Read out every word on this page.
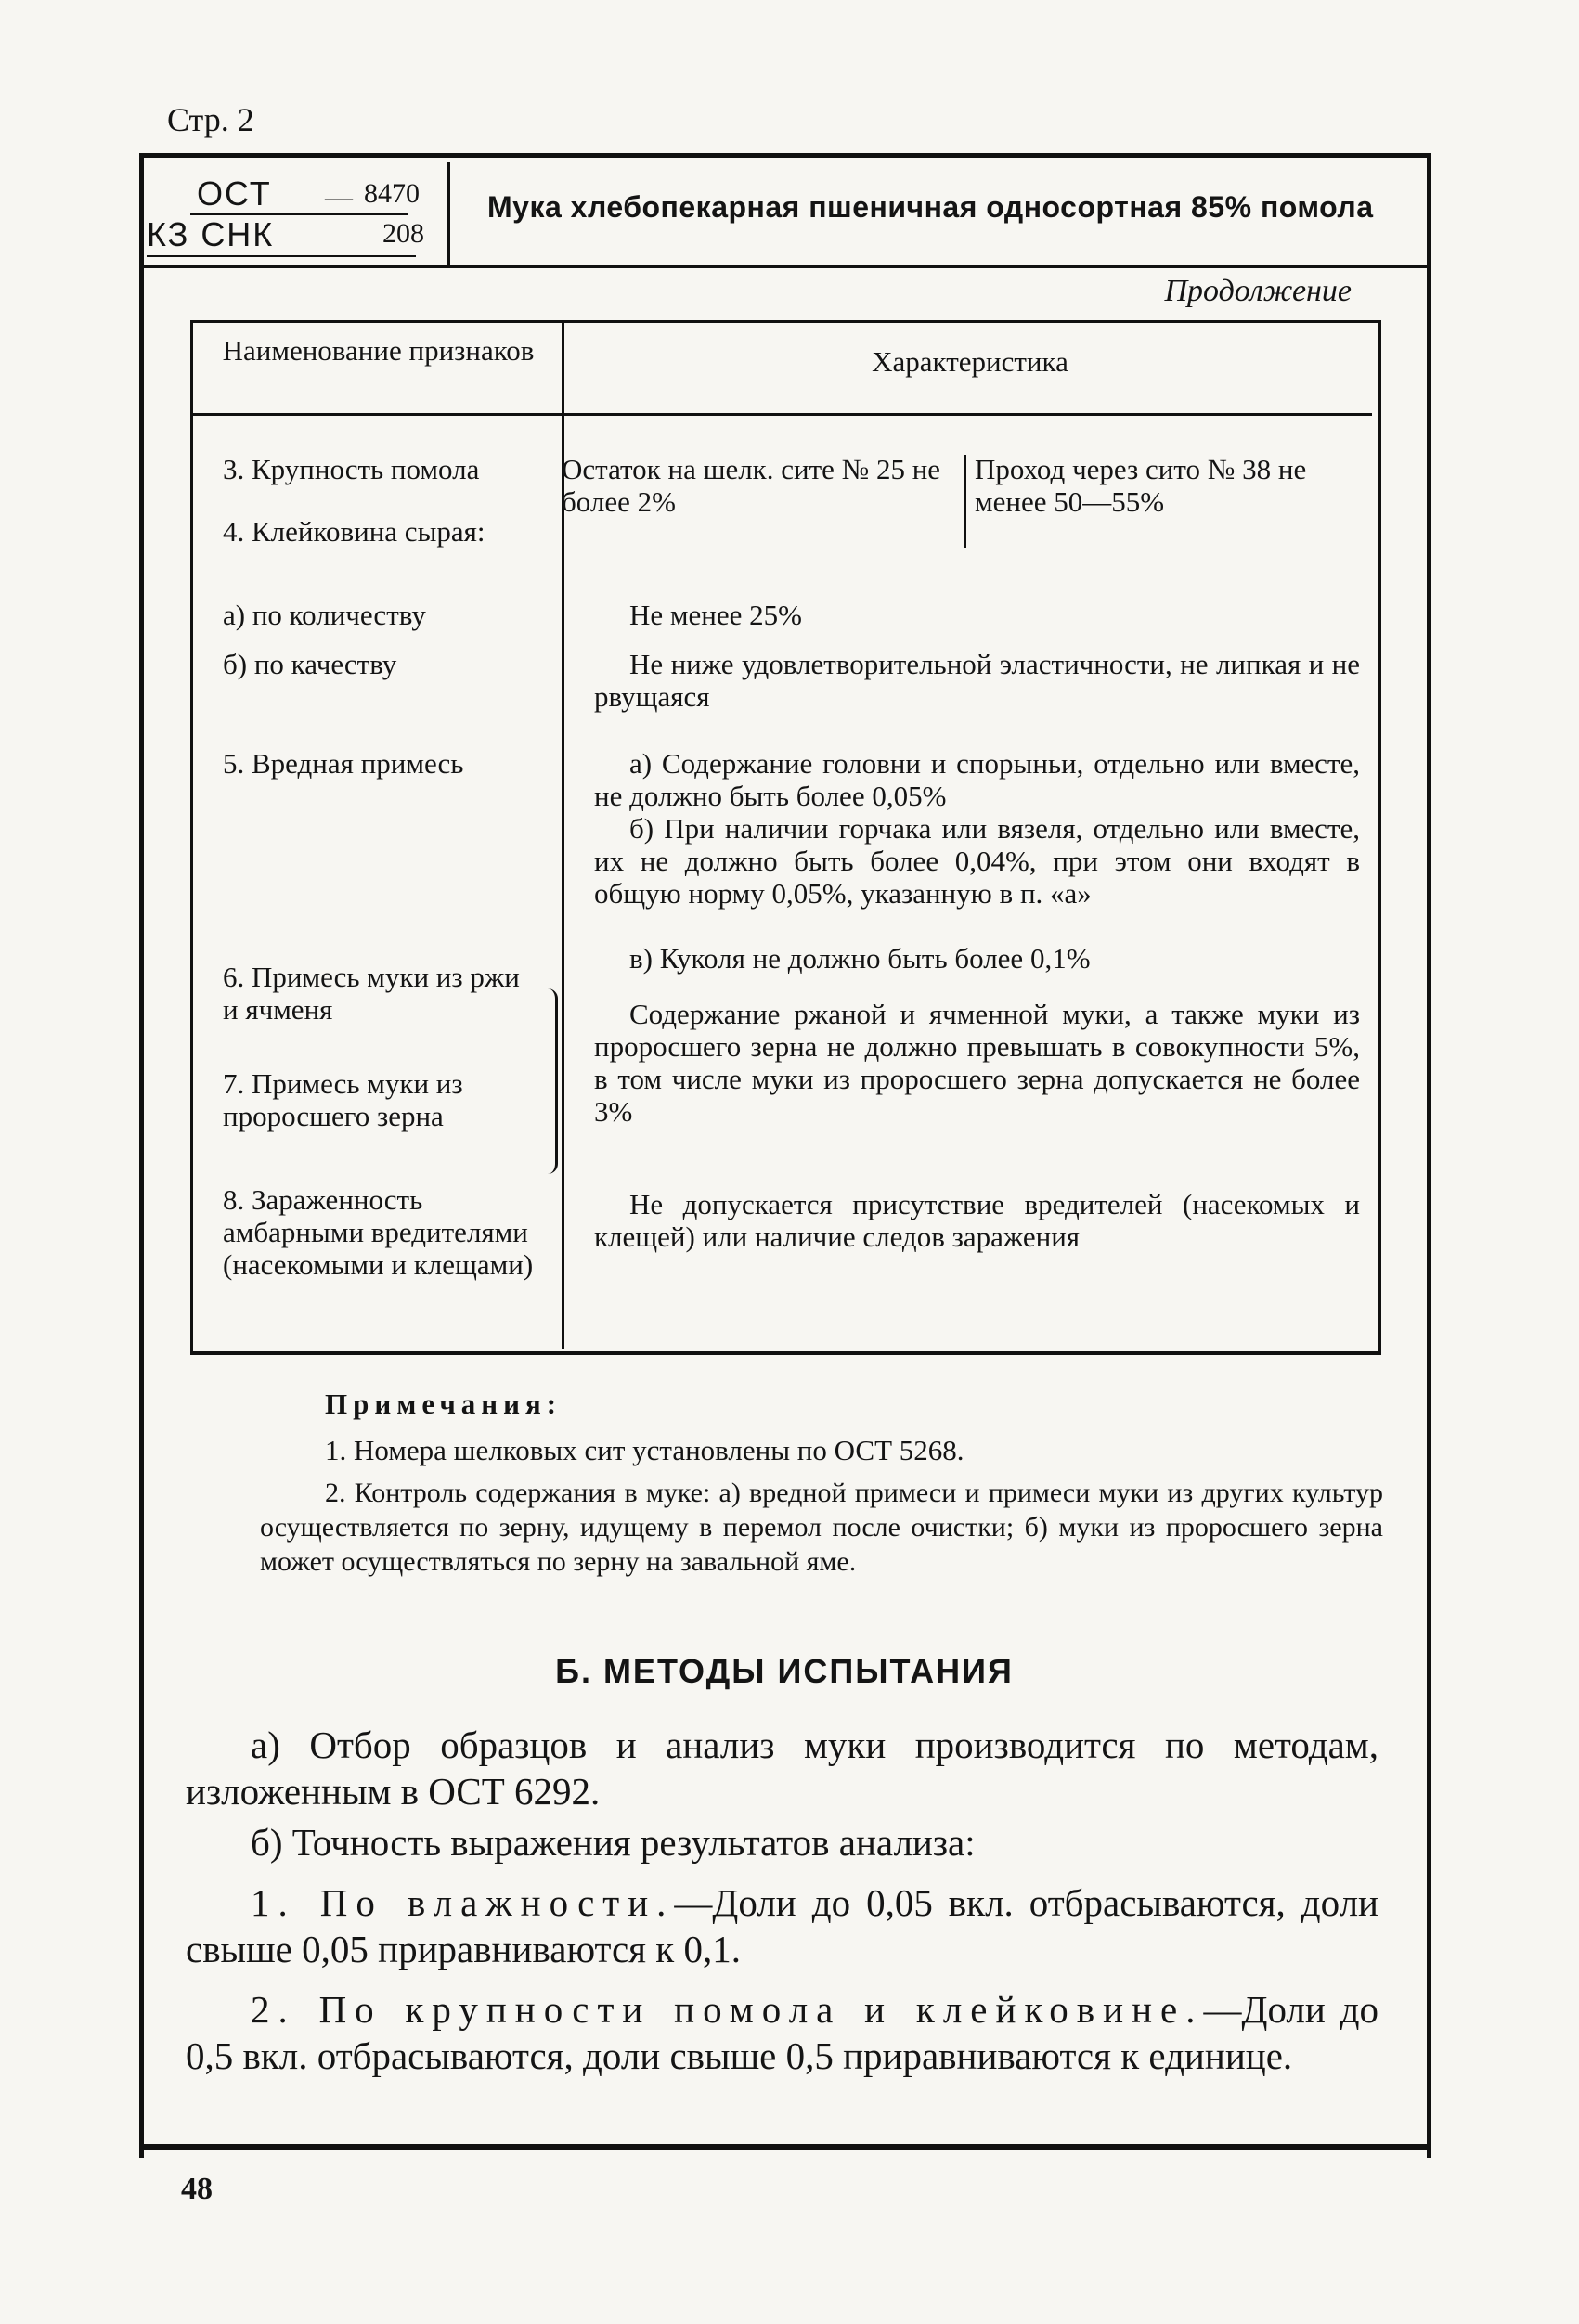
Стр. 2
ОСТ — 8470
КЗ СНК	208
Мука хлебопекарная пшеничная односортная 85% помола
Продолжение
Наименование признаков	Характеристика
3. Крупность помола
4. Клейковина сырая:
а) по количеству
б) по качеству
5. Вредная примесь
6. Примесь муки из ржи и ячменя
7. Примесь муки из проросшего зерна
8. Зараженность амбарными вредителями (насекомыми и клещами)
Остаток на шелк. сите № 25 не более 2%
Проход через сито № 38 не менее 50—55%
Не менее 25%
Не ниже удовлетворительной эластичности, не липкая и не рвущаяся
а) Содержание головни и спорыньи, отдельно или вместе, не должно быть более 0,05%
б) При наличии горчака или вязеля, отдельно или вместе, их не должно быть более 0,04%, при этом они входят в общую норму 0,05%, указанную в п. «а»
в) Куколя не должно быть более 0,1%
Содержание ржаной и ячменной муки, а также муки из проросшего зерна не должно превышать в совокупности 5%, в том числе муки из проросшего зерна допускается не более 3%
Не допускается присутствие вредителей (насекомых и клещей) или наличие следов заражения
Примечания:
1. Номера шелковых сит установлены по ОСТ 5268.
2. Контроль содержания в муке: а) вредной примеси и примеси муки из других культур осуществляется по зерну, идущему в перемол после очистки; б) муки из проросшего зерна может осуществляться по зерну на завальной яме.
Б. МЕТОДЫ ИСПЫТАНИЯ
а) Отбор образцов и анализ муки производится по методам, изложенным в ОСТ 6292.
б) Точность выражения результатов анализа:
1. По влажности.—Доли до 0,05 вкл. отбрасываются, доли свыше 0,05 приравниваются к 0,1.
2. По крупности помола и клейковине.—Доли до 0,5 вкл. отбрасываются, доли свыше 0,5 приравниваются к единице.
48
